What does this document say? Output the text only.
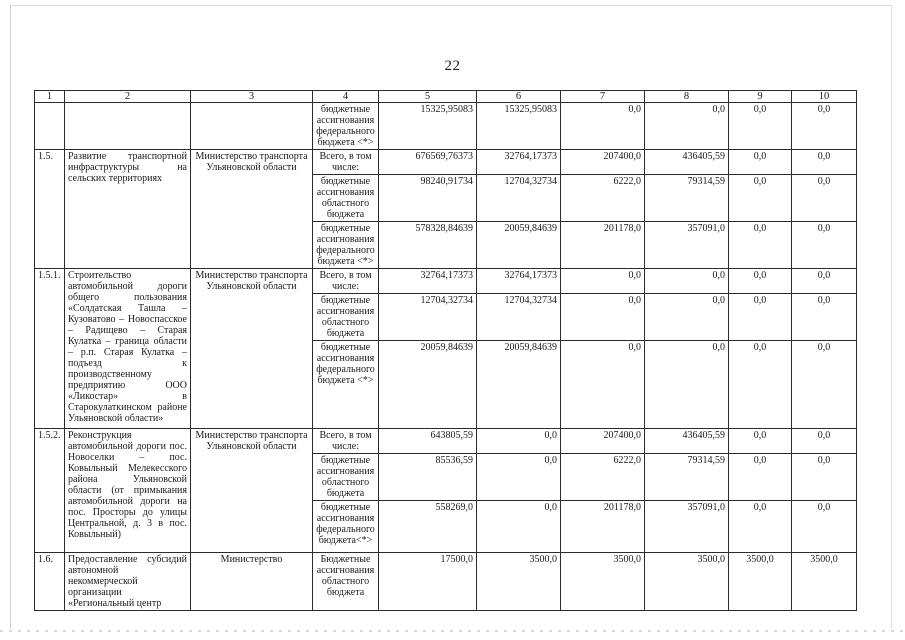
22
1	2	3	4	5	6	7	8	9	10
			бюджетные ассигнования федерального бюджета <*>	15325,95083	15325,95083	0,0	0,0	0,0	0,0
1.5.	Развитие транспортной инфраструктуры на сельских территориях	Министерство транспорта Ульяновской области	Всего, в том числе:	676569,76373	32764,17373	207400,0	436405,59	0,0	0,0
			бюджетные ассигнования областного бюджета	98240,91734	12704,32734	6222,0	79314,59	0,0	0,0
			бюджетные ассигнования федерального бюджета <*>	578328,84639	20059,84639	201178,0	357091,0	0,0	0,0
1.5.1.	Строительство автомобильной дороги общего пользования «Солдатская Ташла – Кузоватово – Новоспасское – Радищево – Старая Кулатка – граница области – р.п. Старая Кулатка – подъезд к производственному предприятию ООО «Ликостар» в Старокулаткинском районе Ульяновской области»	Министерство транспорта Ульяновской области	Всего, в том числе:	32764,17373	32764,17373	0,0	0,0	0,0	0,0
			бюджетные ассигнования областного бюджета	12704,32734	12704,32734	0,0	0,0	0,0	0,0
			бюджетные ассигнования федерального бюджета <*>	20059,84639	20059,84639	0,0	0,0	0,0	0,0
1.5.2.	Реконструкция автомобильной дороги пос. Новоселки – пос. Ковыльный Мелекесского района Ульяновской области (от примыкания автомобильной дороги на пос. Просторы до улицы Центральной, д. 3 в пос. Ковыльный)	Министерство транспорта Ульяновской области	Всего, в том числе:	643805,59	0,0	207400,0	436405,59	0,0	0,0
			бюджетные ассигнования областного бюджета	85536,59	0,0	6222,0	79314,59	0,0	0,0
			бюджетные ассигнования федерального бюджета<*>	558269,0	0,0	201178,0	357091,0	0,0	0,0
1.6.	Предоставление субсидий автономной некоммерческой организации «Региональный центр	Министерство	Бюджетные ассигнования областного бюджета	17500,0	3500,0	3500,0	3500,0	3500,0	3500,0
